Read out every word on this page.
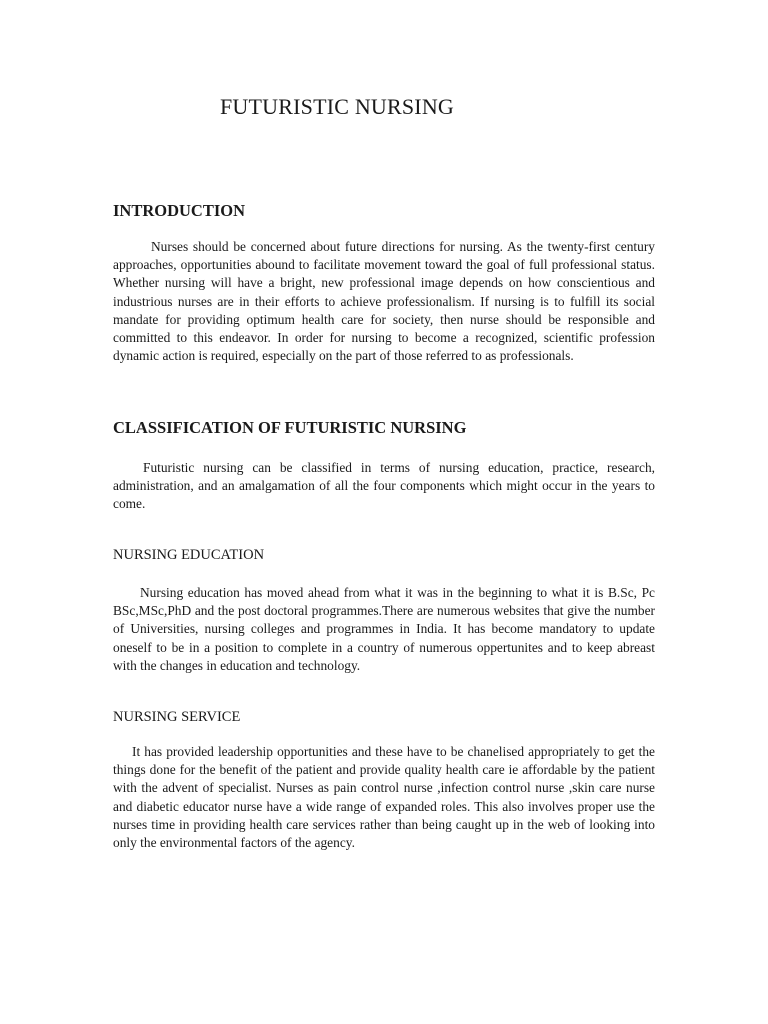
FUTURISTIC NURSING
INTRODUCTION

Nurses should be concerned about future directions for nursing. As the twenty-first century approaches, opportunities abound to facilitate movement toward the goal of full professional status. Whether nursing will have a bright, new professional image depends on how conscientious and industrious nurses are in their efforts to achieve professionalism. If nursing is to fulfill its social mandate for providing optimum health care for society, then nurse should be responsible and committed to this endeavor. In order for nursing to become a recognized, scientific profession dynamic action is required, especially on the part of those referred to as professionals.

CLASSIFICATION OF FUTURISTIC NURSING

Futuristic nursing can be classified in terms of nursing education, practice, research, administration, and an amalgamation of all the four components which might occur in the years to come.

NURSING EDUCATION

Nursing education has moved ahead from what it was in the beginning to what it is B.Sc, Pc BSc,MSc,PhD and the post doctoral programmes.There are numerous websites that give the number of Universities, nursing colleges and programmes in India. It has become mandatory to update oneself to be in a position to complete in a country of numerous oppertunites and to keep abreast with the changes in education and technology.

NURSING SERVICE

It has provided leadership opportunities and these have to be chanelised appropriately to get the things done for the benefit of the patient and provide quality health care ie affordable by the patient with the advent of specialist. Nurses as pain control nurse ,infection control nurse ,skin care nurse and diabetic educator nurse have a wide range of expanded roles. This also involves proper use the nurses time in providing health care services rather than being caught up in the web of looking into only the environmental factors of the agency.
